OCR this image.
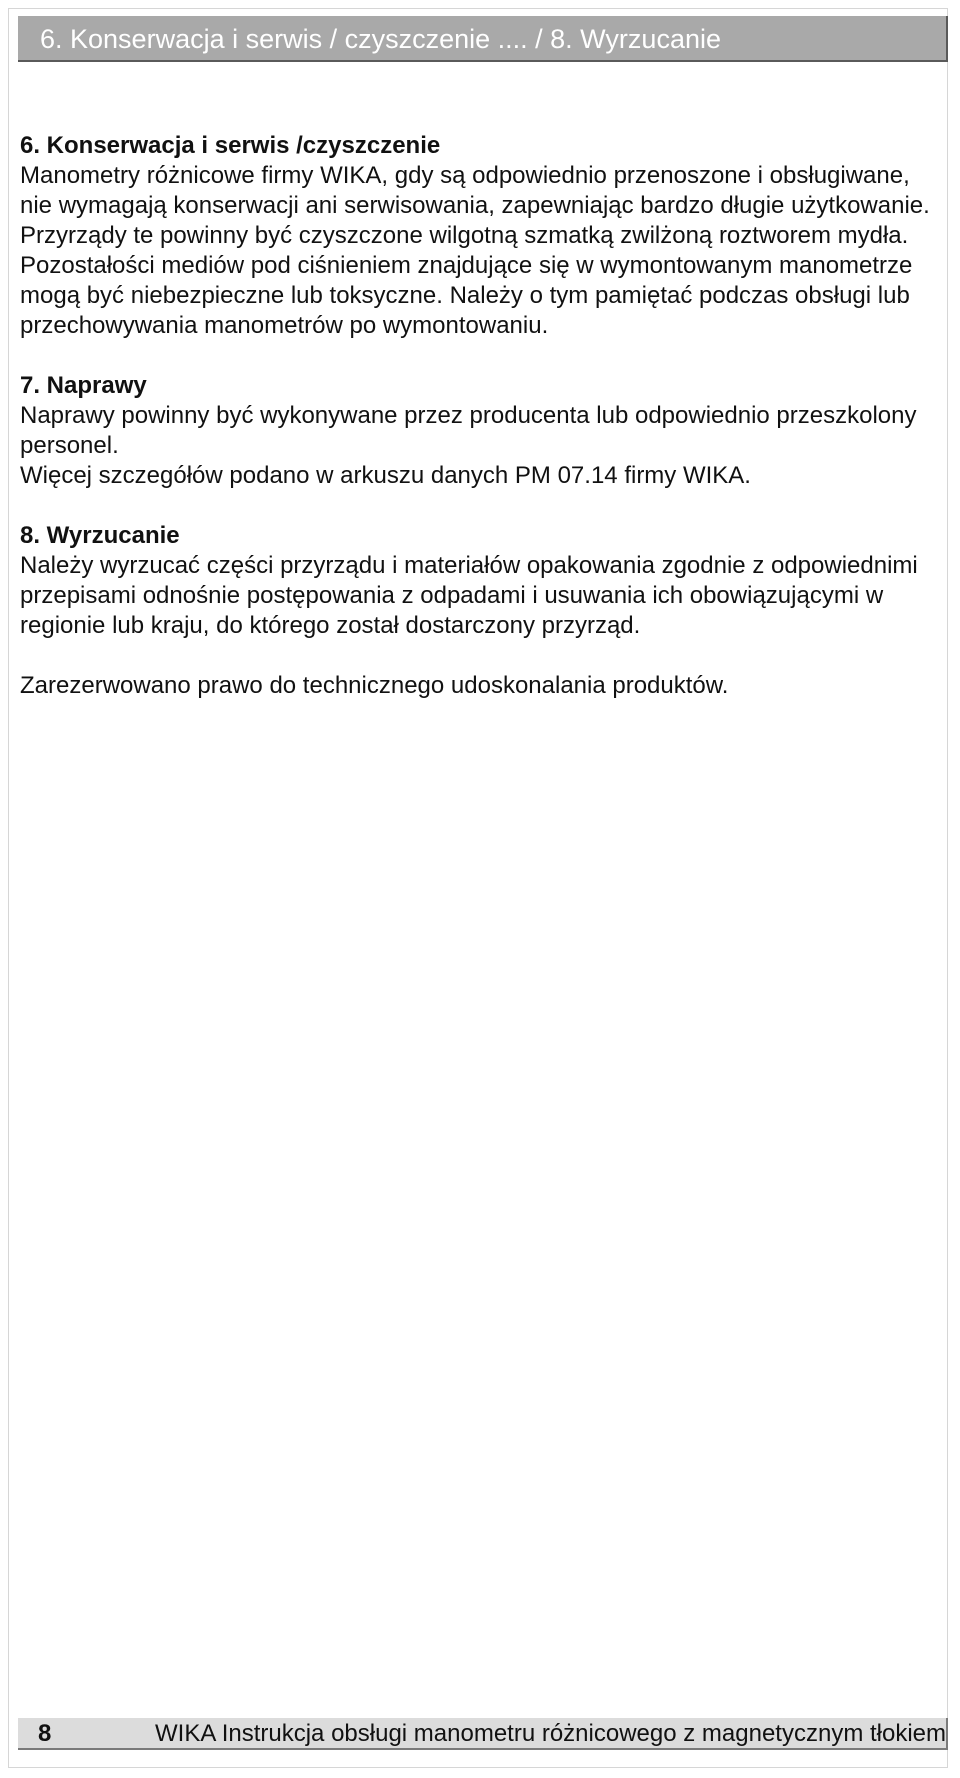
6. Konserwacja i serwis / czyszczenie .... / 8. Wyrzucanie
6. Konserwacja i serwis /czyszczenie

Manometry różnicowe firmy WIKA, gdy są odpowiednio przenoszone i obsługiwane, nie wymagają konserwacji ani serwisowania, zapewniając bardzo długie użytkowanie.

Przyrządy te powinny być czyszczone wilgotną szmatką zwilżoną roztworem mydła.

Pozostałości mediów pod ciśnieniem znajdujące się w wymontowanym manometrze mogą być niebezpieczne lub toksyczne. Należy o tym pamiętać podczas obsługi lub przechowywania manometrów po wymontowaniu.

7. Naprawy

Naprawy powinny być wykonywane przez producenta lub odpowiednio przeszkolony personel.

Więcej szczegółów podano w arkuszu danych PM 07.14 firmy WIKA.

8. Wyrzucanie

Należy wyrzucać części przyrządu i materiałów opakowania zgodnie z odpowiednimi przepisami odnośnie postępowania z odpadami i usuwania ich obowiązującymi w regionie lub kraju, do którego został dostarczony przyrząd.

Zarezerwowano prawo do technicznego udoskonalania produktów.

8	WIKA Instrukcja obsługi manometru różnicowego z magnetycznym tłokiem
